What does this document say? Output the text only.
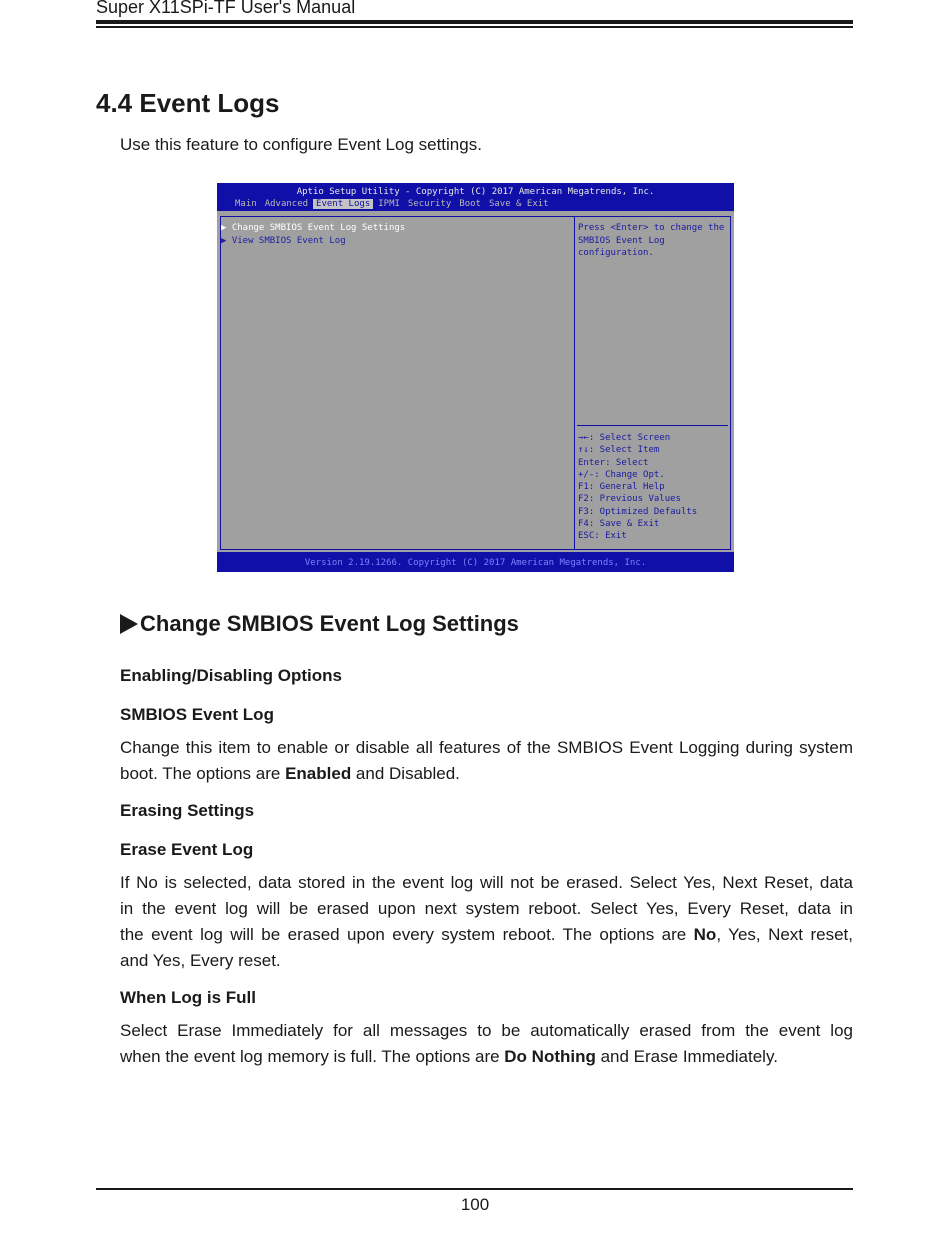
Super X11SPi-TF User's Manual
4.4 Event Logs
Use this feature to configure Event Log settings.
Aptio Setup Utility - Copyright (C) 2017 American Megatrends, Inc.
Main Advanced Event Logs IPMI Security Boot Save & Exit
▶ Change SMBIOS Event Log Settings
▶ View SMBIOS Event Log
Press <Enter> to change the
SMBIOS Event Log
configuration.
→←: Select Screen
↑↓: Select Item
Enter: Select
+/-: Change Opt.
F1: General Help
F2: Previous Values
F3: Optimized Defaults
F4: Save & Exit
ESC: Exit
Version 2.19.1266. Copyright (C) 2017 American Megatrends, Inc.
Change SMBIOS Event Log Settings
Enabling/Disabling Options
SMBIOS Event Log
Change this item to enable or disable all features of the SMBIOS Event Logging during system
boot. The options are Enabled and Disabled.
Erasing Settings
Erase Event Log
If No is selected, data stored in the event log will not be erased. Select Yes, Next Reset, data
in the event log will be erased upon next system reboot. Select Yes, Every Reset, data in
the event log will be erased upon every system reboot. The options are No, Yes, Next reset,
and Yes, Every reset.
When Log is Full
Select Erase Immediately for all messages to be automatically erased from the event log
when the event log memory is full. The options are Do Nothing and Erase Immediately.
100
